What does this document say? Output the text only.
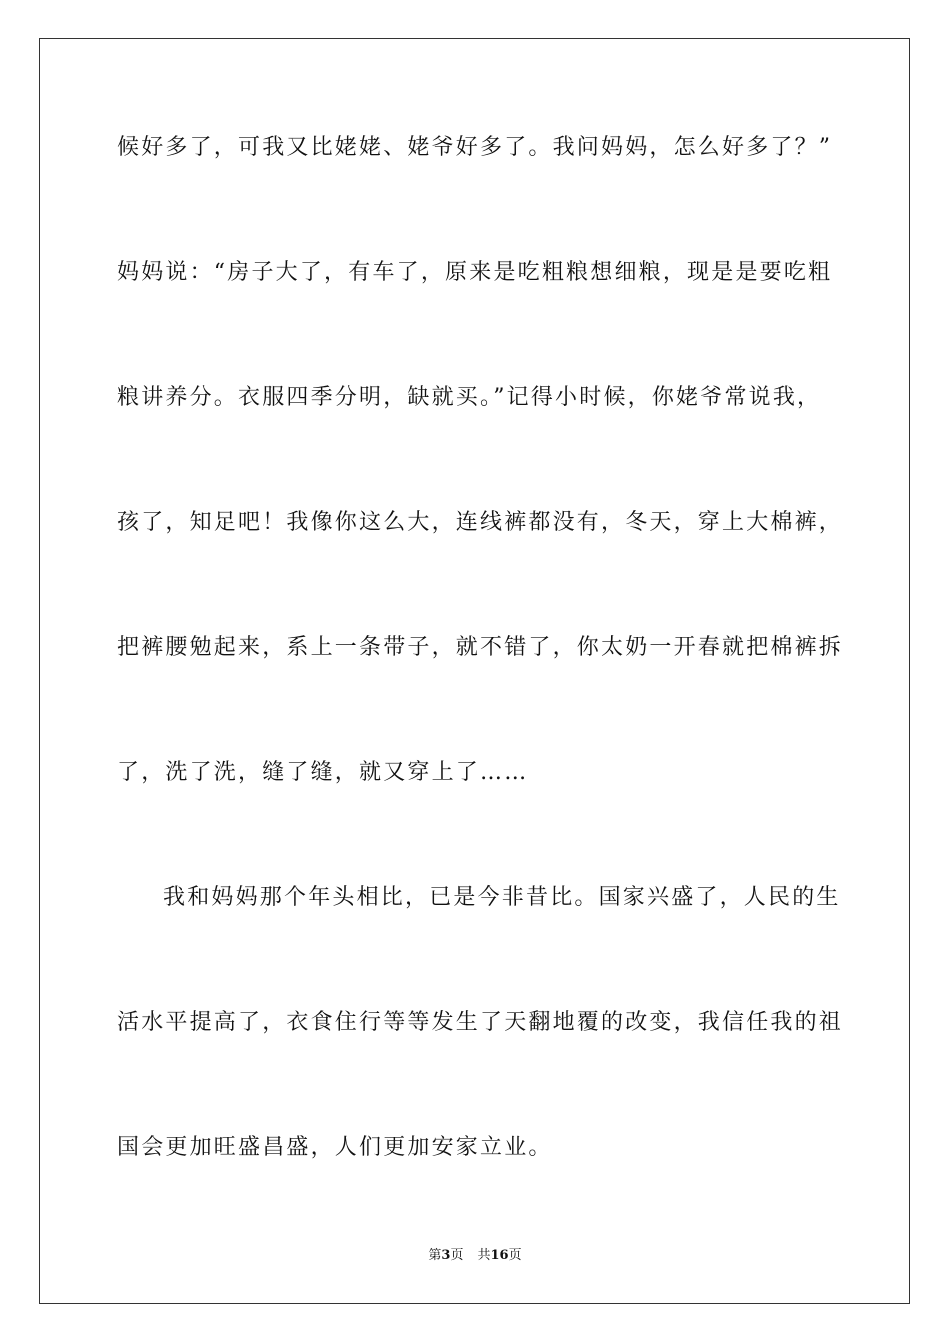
候好多了，可我又比姥姥、姥爷好多了。我问妈妈，怎么好多了？”
妈妈说：“房子大了，有车了，原来是吃粗粮想细粮，现是是要吃粗
粮讲养分。衣服四季分明，缺就买。”记得小时候，你姥爷常说我，
孩了，知足吧！我像你这么大，连线裤都没有，冬天，穿上大棉裤，
把裤腰勉起来，系上一条带子，就不错了，你太奶一开春就把棉裤拆
了，洗了洗，缝了缝，就又穿上了……
我和妈妈那个年头相比，已是今非昔比。国家兴盛了，人民的生
活水平提高了，衣食住行等等发生了天翻地覆的改变，我信任我的祖
国会更加旺盛昌盛，人们更加安家立业。
第3页 共16页
